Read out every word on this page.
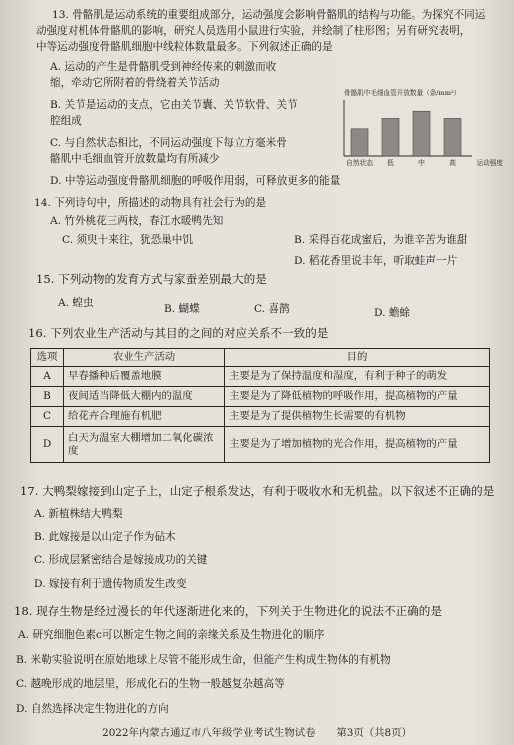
13. 骨骼肌是运动系统的重要组成部分，运动强度会影响骨骼肌的结构与功能。为探究不同运
动强度对机体骨骼肌的影响，研究人员选用小鼠进行实验，并绘制了柱形图；另有研究表明，
中等运动强度骨骼肌细胞中线粒体数量最多。下列叙述正确的是
A. 运动的产生是骨骼肌受到神经传来的刺激而收
缩，牵动它所附着的骨绕着关节活动
B. 关节是运动的支点，它由关节囊、关节软骨、关节
腔组成
C. 与自然状态相比，不同运动强度下每立方毫米骨
骼肌中毛细血管开放数量均有所减少
D. 中等运动强度骨骼肌细胞的呼吸作用弱，可释放更多的能量
骨骼肌中毛细血管开放数量（条/mm²）
自然状态 低	中	高	运动强度
14. 下列诗句中，所描述的动物具有社会行为的是
A. 竹外桃花三两枝，春江水暖鸭先知
B. 采得百花成蜜后，为谁辛苦为谁甜
C. 须臾十来往，犹恐巢中饥
D. 稻花香里说丰年，听取蛙声一片
15. 下列动物的发育方式与家蚕差别最大的是
A. 蝗虫	B. 蝴蝶	C. 喜鹊	D. 蟾蜍
16. 下列农业生产活动与其目的之间的对应关系不一致的是
选项	农业生产活动	目的
A	早春播种后覆盖地膜	主要是为了保持温度和湿度，有利于种子的萌发
B	夜间适当降低大棚内的温度	主要是为了降低植物的呼吸作用，提高植物的产量
C	给花卉合理施有机肥	主要是为了提供植物生长需要的有机物
D	白天为温室大棚增加二氧化碳浓度	主要是为了增加植物的光合作用，提高植物的产量
17. 大鸭梨嫁接到山定子上，山定子根系发达，有利于吸收水和无机盐。以下叙述不正确的是
A. 新植株结大鸭梨
B. 此嫁接是以山定子作为砧木
C. 形成层紧密结合是嫁接成功的关键
D. 嫁接有利于遗传物质发生改变
18. 现存生物是经过漫长的年代逐渐进化来的，下列关于生物进化的说法不正确的是
A. 研究细胞色素c可以断定生物之间的亲缘关系及生物进化的顺序
B. 米勒实验说明在原始地球上尽管不能形成生命，但能产生构成生物体的有机物
C. 越晚形成的地层里，形成化石的生物一般越复杂越高等
D. 自然选择决定生物进化的方向
2022年内蒙古通辽市八年级学业考试生物试卷　　第3页（共8页）
